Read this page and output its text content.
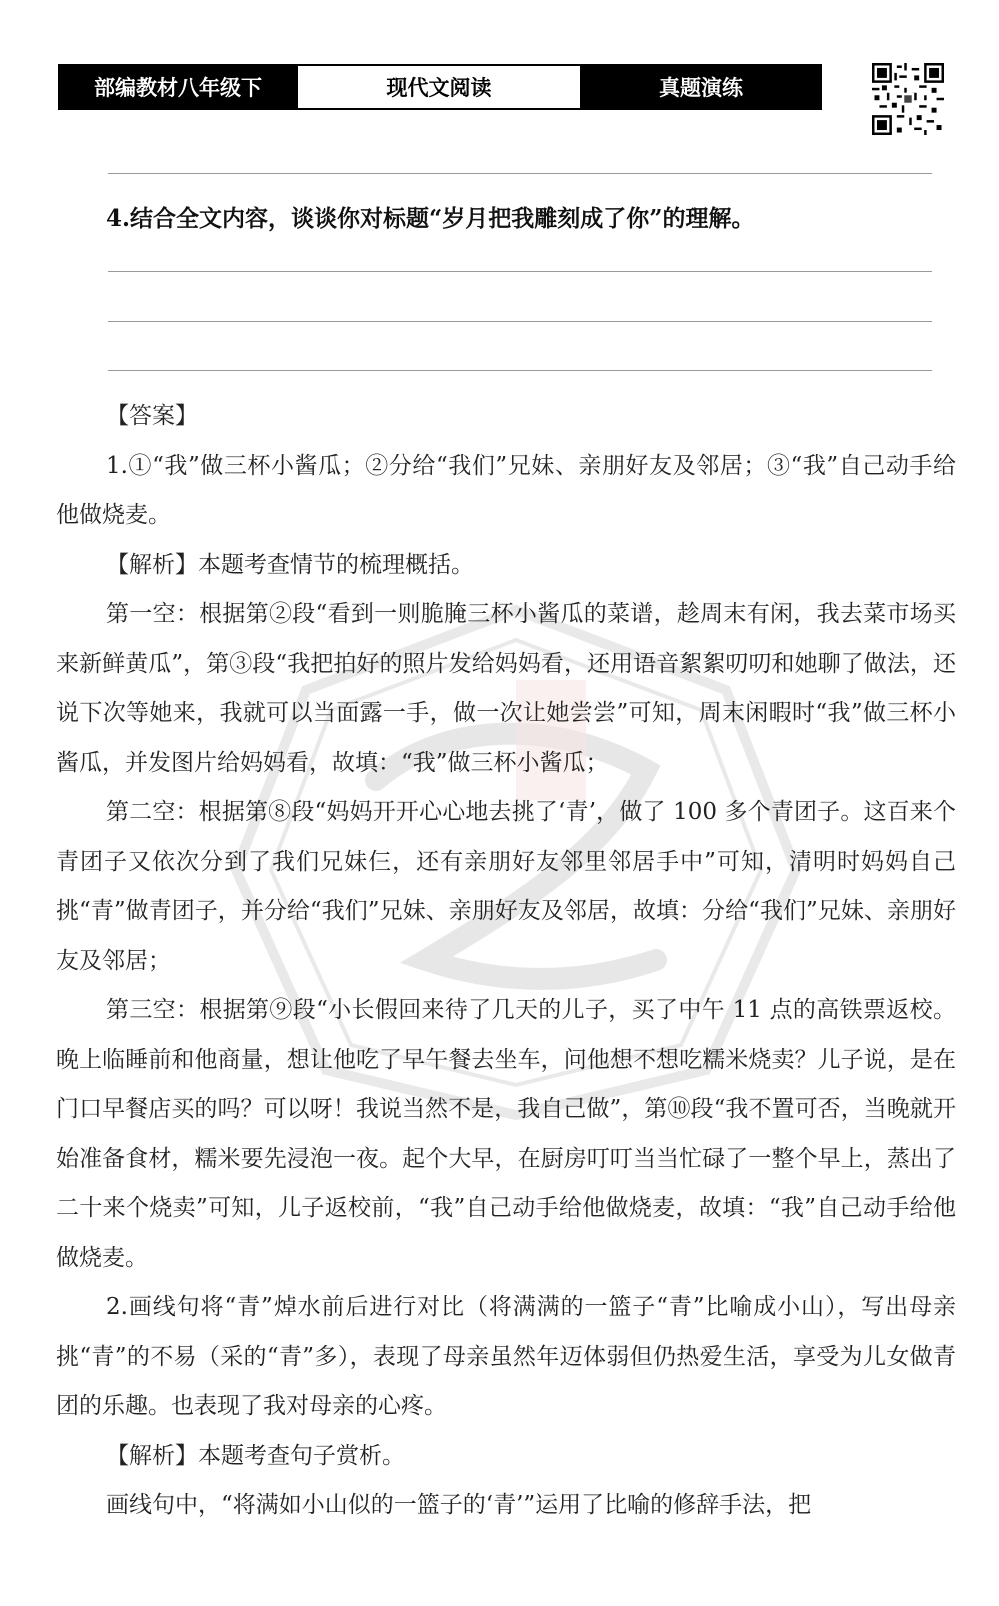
部编教材八年级下	现代文阅读	真题演练
4.结合全文内容，谈谈你对标题“岁月把我雕刻成了你”的理解。

【答案】

1.①“我”做三杯小酱瓜；②分给“我们”兄妹、亲朋好友及邻居；③“我”自己动手给他做烧麦。

【解析】本题考查情节的梳理概括。

第一空：根据第②段“看到一则脆腌三杯小酱瓜的菜谱，趁周末有闲，我去菜市场买来新鲜黄瓜”，第③段“我把拍好的照片发给妈妈看，还用语音絮絮叨叨和她聊了做法，还说下次等她来，我就可以当面露一手，做一次让她尝尝”可知，周末闲暇时“我”做三杯小酱瓜，并发图片给妈妈看，故填：“我”做三杯小酱瓜；

第二空：根据第⑧段“妈妈开开心心地去挑了‘青’，做了 100 多个青团子。这百来个青团子又依次分到了我们兄妹仨，还有亲朋好友邻里邻居手中”可知，清明时妈妈自己挑“青”做青团子，并分给“我们”兄妹、亲朋好友及邻居，故填：分给“我们”兄妹、亲朋好友及邻居；

第三空：根据第⑨段“小长假回来待了几天的儿子，买了中午 11 点的高铁票返校。晚上临睡前和他商量，想让他吃了早午餐去坐车，问他想不想吃糯米烧卖？儿子说，是在门口早餐店买的吗？可以呀！我说当然不是，我自己做”，第⑩段“我不置可否，当晚就开始准备食材，糯米要先浸泡一夜。起个大早，在厨房叮叮当当忙碌了一整个早上，蒸出了二十来个烧卖”可知，儿子返校前，“我”自己动手给他做烧麦，故填：“我”自己动手给他做烧麦。

2.画线句将“青”焯水前后进行对比（将满满的一篮子“青”比喻成小山），写出母亲挑“青”的不易（采的“青”多），表现了母亲虽然年迈体弱但仍热爱生活，享受为儿女做青团的乐趣。也表现了我对母亲的心疼。

【解析】本题考查句子赏析。

画线句中，“将满如小山似的一篮子的‘青’”运用了比喻的修辞手法，把
